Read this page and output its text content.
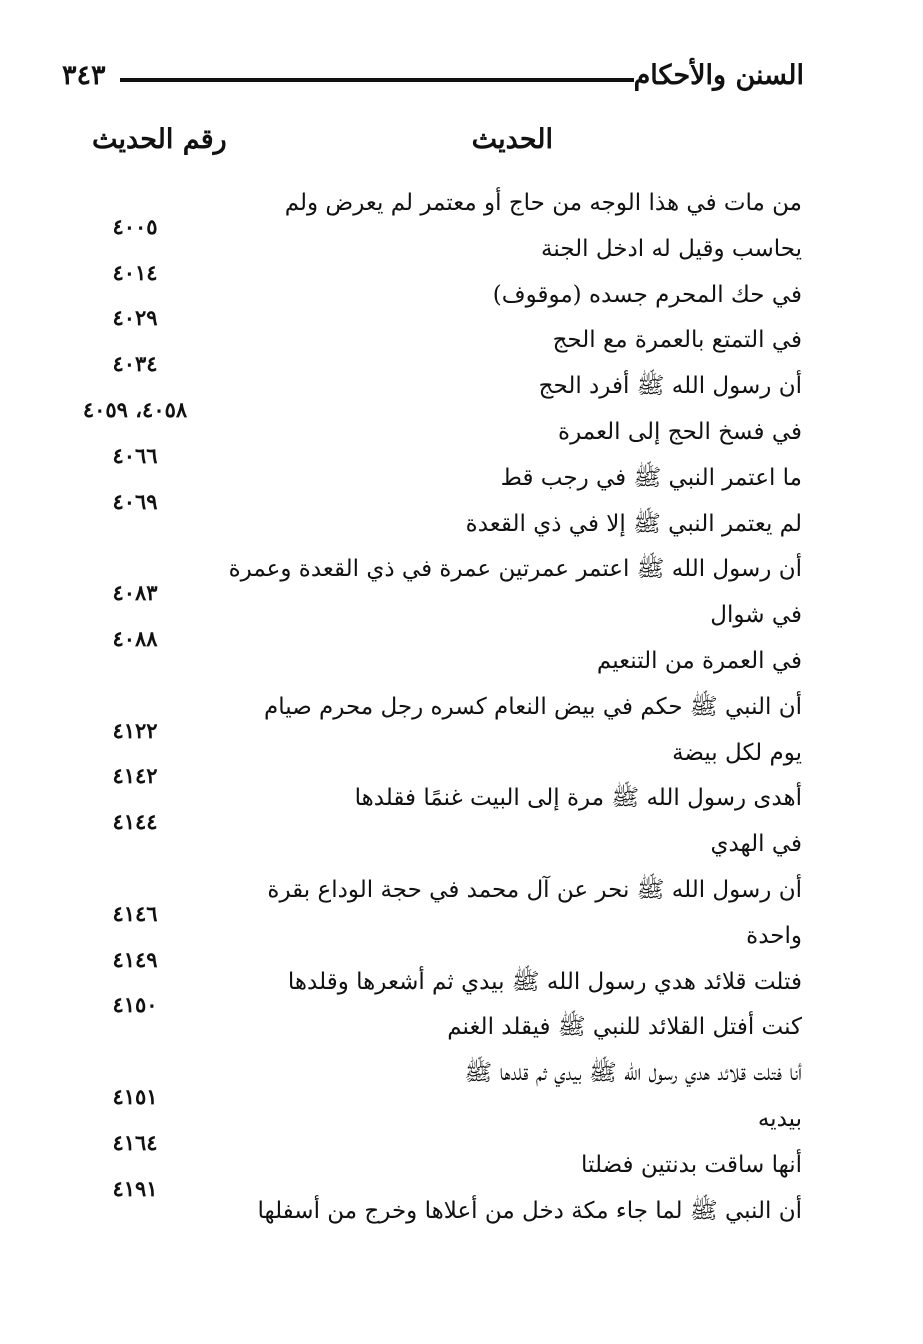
السنن والأحكام
٣٤٣
الحديث
رقم الحديث
من مات في هذا الوجه من حاج أو معتمر لم يعرض ولم
يحاسب وقيل له ادخل الجنة
٤٠٠٥
في حك المحرم جسده (موقوف)
٤٠١٤
في التمتع بالعمرة مع الحج
٤٠٢٩
أن رسول الله ﷺ أفرد الحج
٤٠٣٤
في فسخ الحج إلى العمرة
٤٠٥٨، ٤٠٥٩
ما اعتمر النبي ﷺ في رجب قط
٤٠٦٦
لم يعتمر النبي ﷺ إلا في ذي القعدة
٤٠٦٩
أن رسول الله ﷺ اعتمر عمرتين عمرة في ذي القعدة وعمرة
في شوال
٤٠٨٣
في العمرة من التنعيم
٤٠٨٨
أن النبي ﷺ حكم في بيض النعام كسره رجل محرم صيام
يوم لكل بيضة
٤١٢٢
أهدى رسول الله ﷺ مرة إلى البيت غنمًا فقلدها
٤١٤٢
في الهدي
٤١٤٤
أن رسول الله ﷺ نحر عن آل محمد في حجة الوداع بقرة
واحدة
٤١٤٦
فتلت قلائد هدي رسول الله ﷺ بيدي ثم أشعرها وقلدها
٤١٤٩
كنت أفتل القلائد للنبي ﷺ فيقلد الغنم
٤١٥٠
أنا فتلت قلائد هدي رسول الله ﷺ بيدي ثم قلدها ﷺ
بيديه
٤١٥١
أنها ساقت بدنتين فضلتا
٤١٦٤
أن النبي ﷺ لما جاء مكة دخل من أعلاها وخرج من أسفلها
٤١٩١
